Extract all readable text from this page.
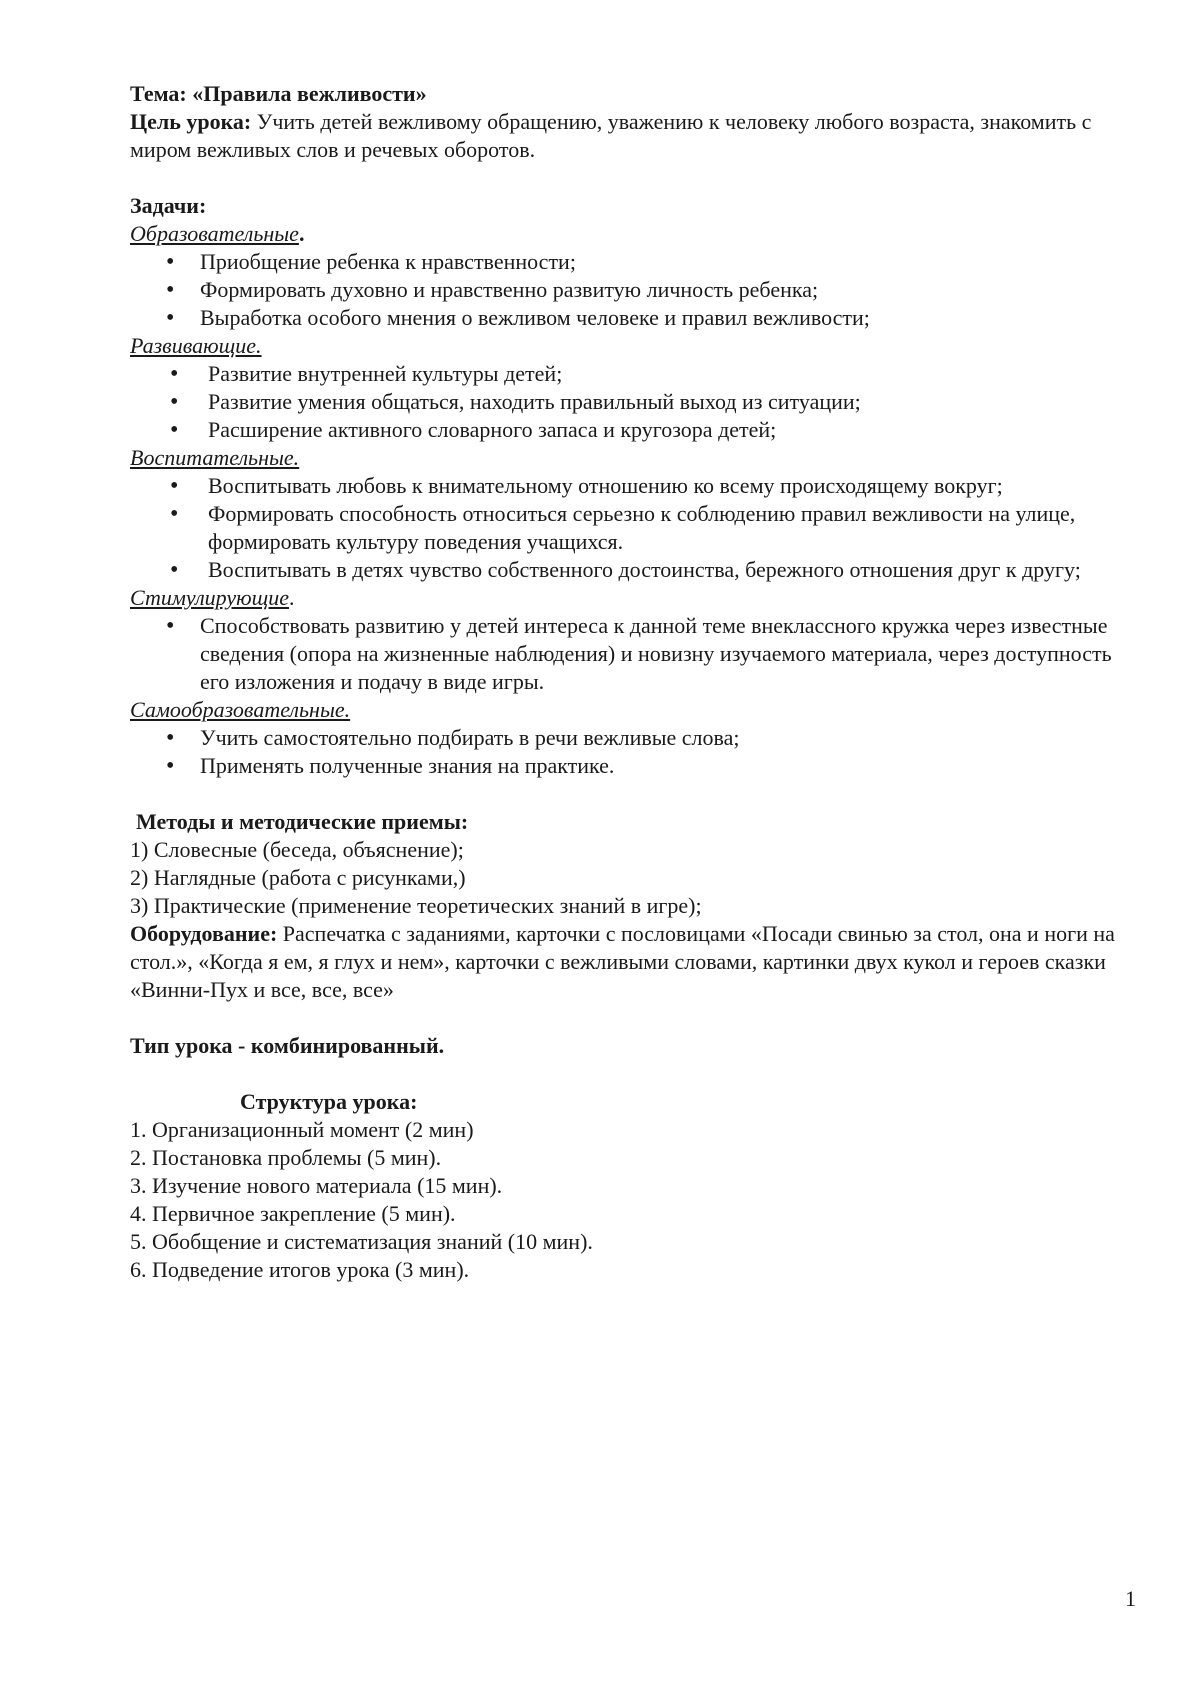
Тема: «Правила вежливости»

Цель урока: Учить детей вежливому обращению, уважению к человеку любого возраста, знакомить с миром вежливых слов и речевых оборотов.

Задачи:

Образовательные.

• Приобщение ребенка к нравственности;
• Формировать духовно и нравственно развитую личность ребенка;
• Выработка особого мнения о вежливом человеке и правил вежливости;

Развивающие.

• Развитие внутренней культуры детей;
• Развитие умения общаться, находить правильный выход из ситуации;
• Расширение активного словарного запаса и кругозора детей;

Воспитательные.

• Воспитывать любовь к внимательному отношению ко всему происходящему вокруг;
• Формировать способность относиться серьезно к соблюдению правил вежливости на улице, формировать культуру поведения учащихся.
• Воспитывать в детях чувство собственного достоинства, бережного отношения друг к другу;

Стимулирующие.

• Способствовать развитию у детей интереса к данной теме внеклассного кружка через известные сведения (опора на жизненные наблюдения) и новизну изучаемого материала, через доступность его изложения и подачу в виде игры.

Самообразовательные.

• Учить самостоятельно подбирать в речи вежливые слова;
• Применять полученные знания на практике.

Методы и методические приемы:

1) Словесные (беседа, объяснение);

2) Наглядные (работа с рисунками,)

3) Практические (применение теоретических знаний в игре);

Оборудование: Распечатка с заданиями, карточки с пословицами «Посади свинью за стол, она и ноги на стол.», «Когда я ем, я глух и нем», карточки с вежливыми словами, картинки двух кукол и героев сказки «Винни-Пух и все, все, все»

Тип урока - комбинированный.

Структура урока:

1. Организационный момент (2 мин)

2. Постановка проблемы (5 мин).

3. Изучение нового материала (15 мин).

4. Первичное закрепление (5 мин).

5. Обобщение и систематизация знаний (10 мин).

6. Подведение итогов урока (3 мин).

1
